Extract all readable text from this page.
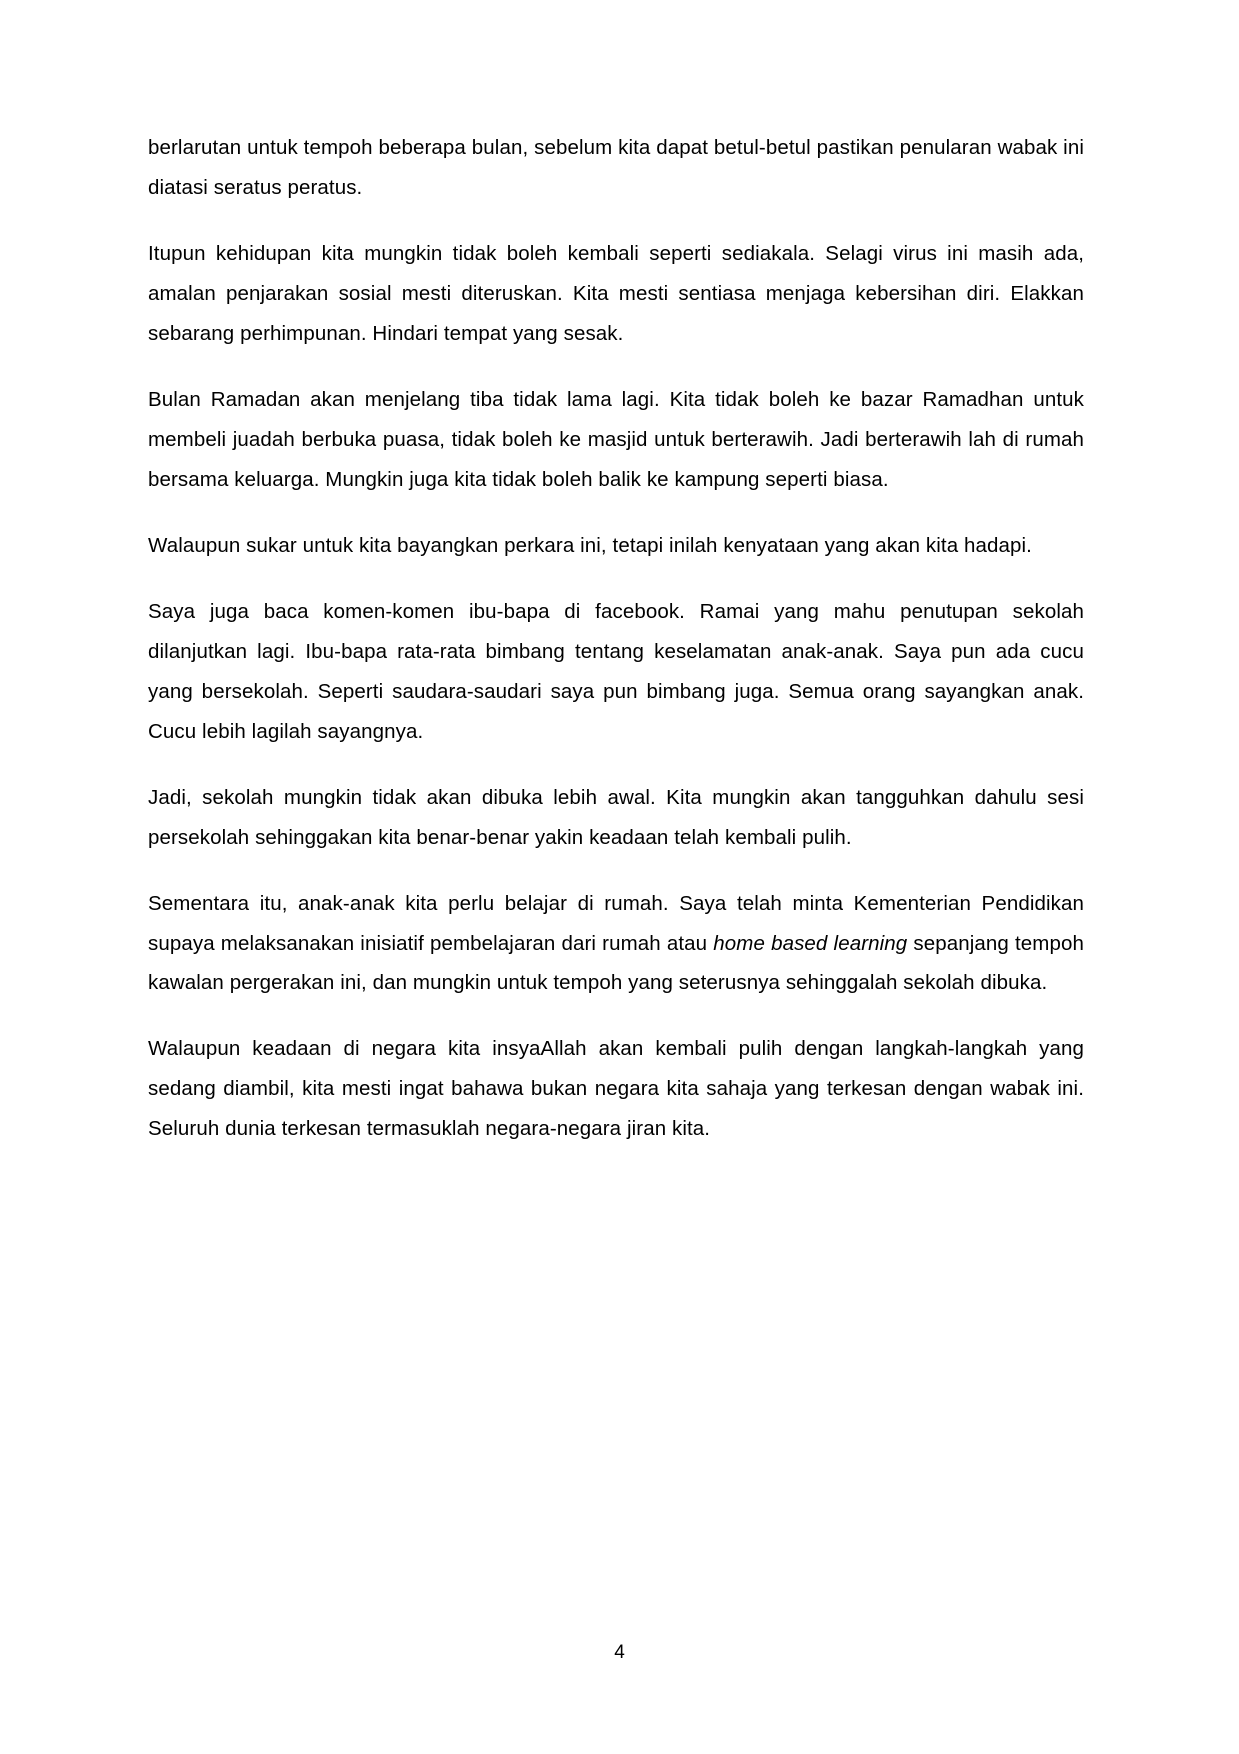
berlarutan untuk tempoh beberapa bulan, sebelum kita dapat betul-betul pastikan penularan wabak ini diatasi seratus peratus.

Itupun kehidupan kita mungkin tidak boleh kembali seperti sediakala. Selagi virus ini masih ada, amalan penjarakan sosial mesti diteruskan. Kita mesti sentiasa menjaga kebersihan diri. Elakkan sebarang perhimpunan. Hindari tempat yang sesak.

Bulan Ramadan akan menjelang tiba tidak lama lagi. Kita tidak boleh ke bazar Ramadhan untuk membeli juadah berbuka puasa, tidak boleh ke masjid untuk berterawih. Jadi berterawih lah di rumah bersama keluarga. Mungkin juga kita tidak boleh balik ke kampung seperti biasa.

Walaupun sukar untuk kita bayangkan perkara ini, tetapi inilah kenyataan yang akan kita hadapi.

Saya juga baca komen-komen ibu-bapa di facebook. Ramai yang mahu penutupan sekolah dilanjutkan lagi. Ibu-bapa rata-rata bimbang tentang keselamatan anak-anak. Saya pun ada cucu yang bersekolah. Seperti saudara-saudari saya pun bimbang juga. Semua orang sayangkan anak. Cucu lebih lagilah sayangnya.

Jadi, sekolah mungkin tidak akan dibuka lebih awal. Kita mungkin akan tangguhkan dahulu sesi persekolah sehinggakan kita benar-benar yakin keadaan telah kembali pulih.

Sementara itu, anak-anak kita perlu belajar di rumah. Saya telah minta Kementerian Pendidikan supaya melaksanakan inisiatif pembelajaran dari rumah atau home based learning sepanjang tempoh kawalan pergerakan ini, dan mungkin untuk tempoh yang seterusnya sehinggalah sekolah dibuka.

Walaupun keadaan di negara kita insyaAllah akan kembali pulih dengan langkah-langkah yang sedang diambil, kita mesti ingat bahawa bukan negara kita sahaja yang terkesan dengan wabak ini. Seluruh dunia terkesan termasuklah negara-negara jiran kita.

4
